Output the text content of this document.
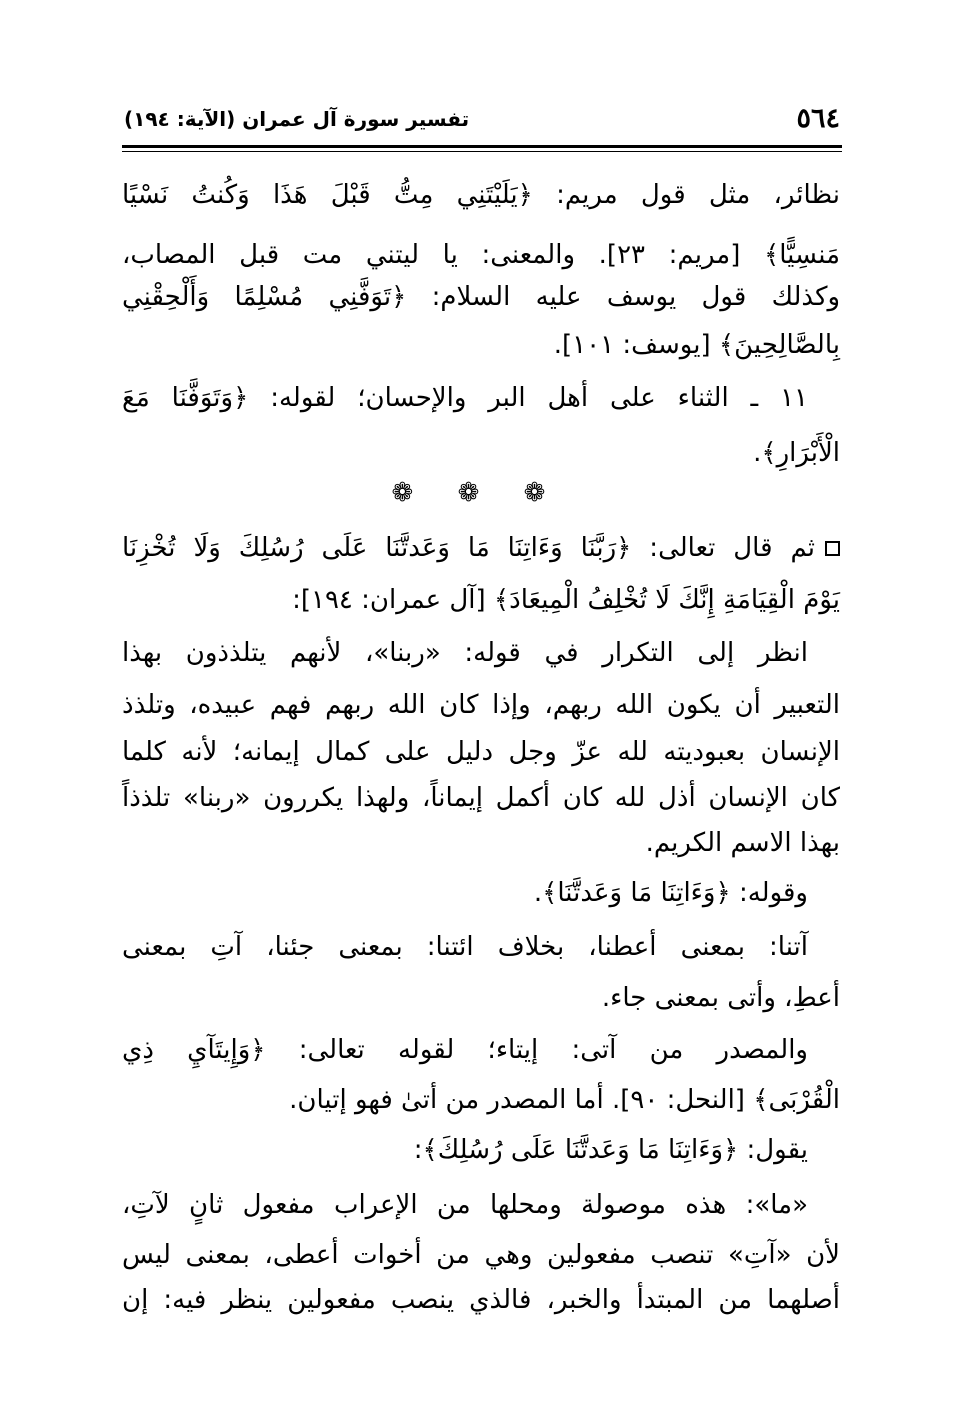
٥٦٤
تفسير سورة آل عمران (الآية: ١٩٤)
نظائر، مثل قول مريم: ﴿يَلَيْتَنِي مِتُّ قَبْلَ هَذَا وَكُنتُ نَسْيًا
مَنسِيًّا﴾ [مريم: ٢٣]. والمعنى: يا ليتني مت قبل المصاب،
وكذلك قول يوسف عليه السلام: ﴿تَوَفَّنِي مُسْلِمًا وَأَلْحِقْنِي
بِالصَّالِحِينَ﴾ [يوسف: ١٠١].
١١ ـ الثناء على أهل البر والإحسان؛ لقوله: ﴿وَتَوَفَّنَا مَعَ
الْأَبْرَارِ﴾.
❁ ❁ ❁
ثم قال تعالى: ﴿رَبَّنَا وَءَاتِنَا مَا وَعَدتَّنَا عَلَى رُسُلِكَ وَلَا تُخْزِنَا
يَوْمَ الْقِيَامَةِ إِنَّكَ لَا تُخْلِفُ الْمِيعَادَ﴾ [آل عمران: ١٩٤]:
انظر إلى التكرار في قوله: «ربنا»، لأنهم يتلذذون بهذا
التعبير أن يكون الله ربهم، وإذا كان الله ربهم فهم عبيده، وتلذذ
الإنسان بعبوديته لله عزّ وجل دليل على كمال إيمانه؛ لأنه كلما
كان الإنسان أذل لله كان أكمل إيماناً، ولهذا يكررون «ربنا» تلذذاً
بهذا الاسم الكريم.
وقوله: ﴿وَءَاتِنَا مَا وَعَدتَّنَا﴾.
آتنا: بمعنى أعطنا، بخلاف ائتنا: بمعنى جئنا، آتِ بمعنى
أعطِ، وأتى بمعنى جاء.
والمصدر من آتى: إيتاء؛ لقوله تعالى: ﴿وَإِيتَآيِ ذِي
الْقُرْبَى﴾ [النحل: ٩٠]. أما المصدر من أتىٰ فهو إتيان.
يقول: ﴿وَءَاتِنَا مَا وَعَدتَّنَا عَلَى رُسُلِكَ﴾:
«ما»: هذه موصولة ومحلها من الإعراب مفعول ثانٍ لآتِ،
لأن «آتِ» تنصب مفعولين وهي من أخوات أعطى، بمعنى ليس
أصلهما من المبتدأ والخبر، فالذي ينصب مفعولين ينظر فيه: إن
